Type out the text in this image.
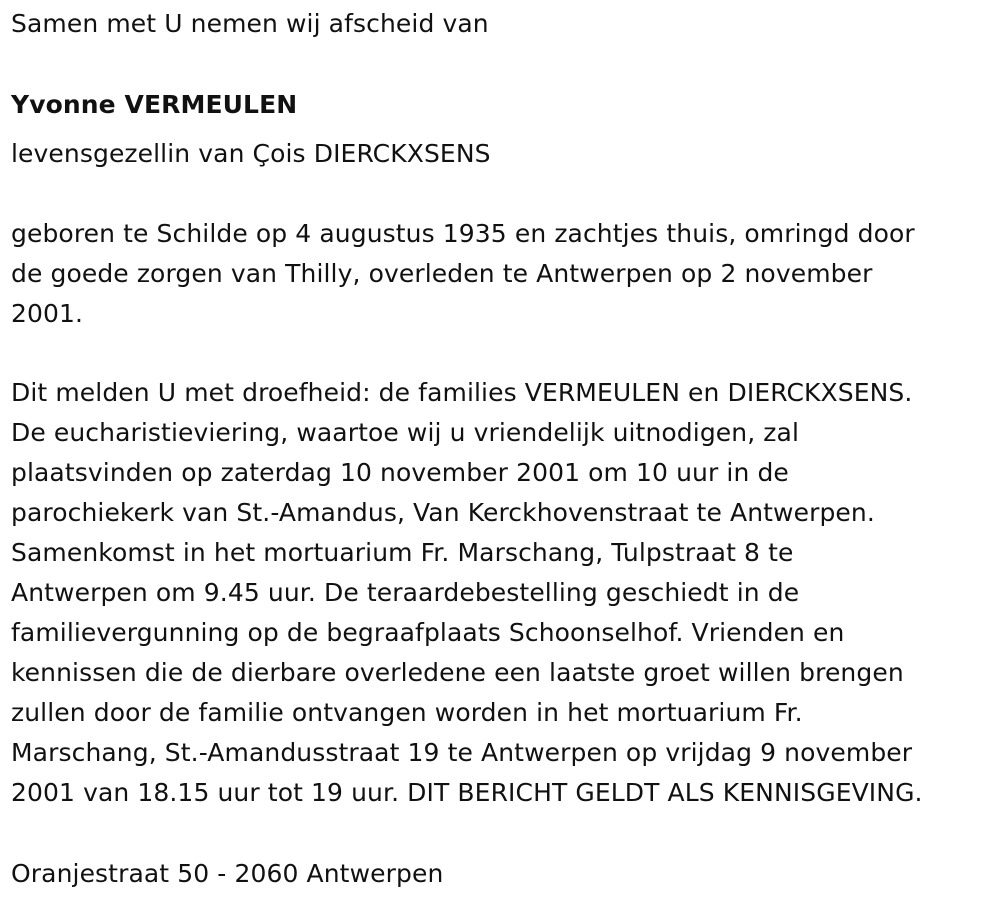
Samen met U nemen wij afscheid van

Yvonne VERMEULEN

levensgezellin van Çois DIERCKXSENS

geboren te Schilde op 4 augustus 1935 en zachtjes thuis, omringd door

de goede zorgen van Thilly, overleden te Antwerpen op 2 november

2001.

Dit melden U met droefheid: de families VERMEULEN en DIERCKXSENS.

De eucharistieviering, waartoe wij u vriendelijk uitnodigen, zal

plaatsvinden op zaterdag 10 november 2001 om 10 uur in de

parochiekerk van St.-Amandus, Van Kerckhovenstraat te Antwerpen.

Samenkomst in het mortuarium Fr. Marschang, Tulpstraat 8 te

Antwerpen om 9.45 uur. De teraardebestelling geschiedt in de

familievergunning op de begraafplaats Schoonselhof. Vrienden en

kennissen die de dierbare overledene een laatste groet willen brengen

zullen door de familie ontvangen worden in het mortuarium Fr.

Marschang, St.-Amandusstraat 19 te Antwerpen op vrijdag 9 november

2001 van 18.15 uur tot 19 uur. DIT BERICHT GELDT ALS KENNISGEVING.

Oranjestraat 50 - 2060 Antwerpen
